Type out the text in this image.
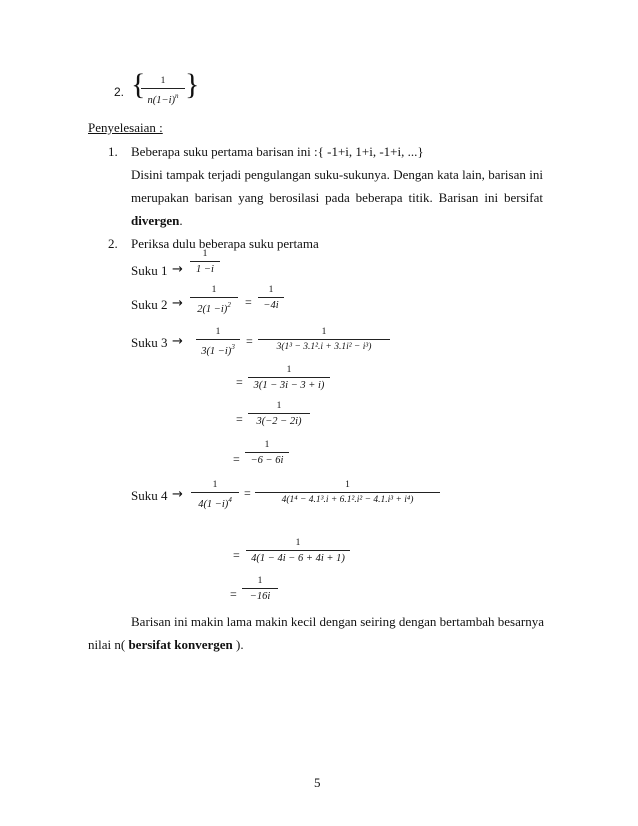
2. {	1
$n(1-i)^n$ }
Penyelesaian :
1. Beberapa suku pertama barisan ini :{ -1+i, 1+i, -1+i, ...}
Disini tampak terjadi pengulangan suku-sukunya. Dengan kata lain, barisan ini
merupakan barisan yang berosilasi pada beberapa titik. Barisan ini bersifat
divergen.
2. Periksa dulu beberapa suku pertama
Suku 1 →
1
1 −i
Suku 2 →
1
$2(1 -i)^2$	=
1
−4i
Suku 3 →
1
$3(1 -i)^3$ =
1
3(1³ − 3.1².i + 3.1i² − i³)
=
1
3(1 − 3i − 3 + i)
=
1
3(−2 − 2i)
=
1
−6 − 6i
Suku 4 →
1
$4(1 -i)^4$	=
1
4(1⁴ − 4.1³.i + 6.1².i² − 4.1.i³ + i⁴)
=
1
4(1 − 4i − 6 + 4i + 1)
=
1
−16i
Barisan ini makin lama makin kecil dengan seiring dengan bertambah besarnya
nilai n( bersifat konvergen ).
5
